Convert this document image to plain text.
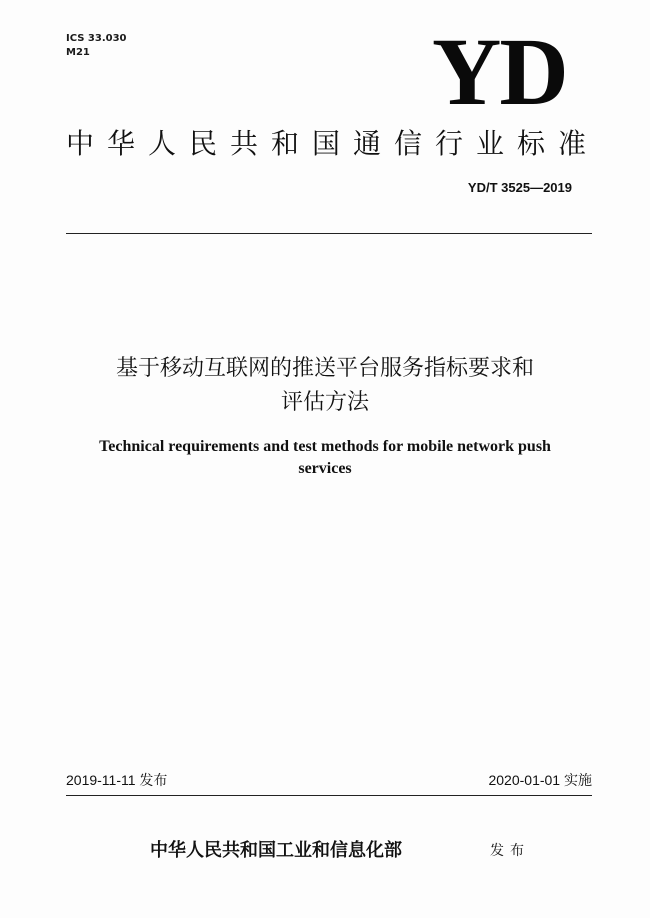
ICS 33.030
M21	YD
中华人民共和国通信行业标准
YD/T 3525—2019
基于移动互联网的推送平台服务指标要求和
评估方法
Technical requirements and test methods for mobile network push
services
2019-11-11 发布	2020-01-01 实施
中华人民共和国工业和信息化部	发布
